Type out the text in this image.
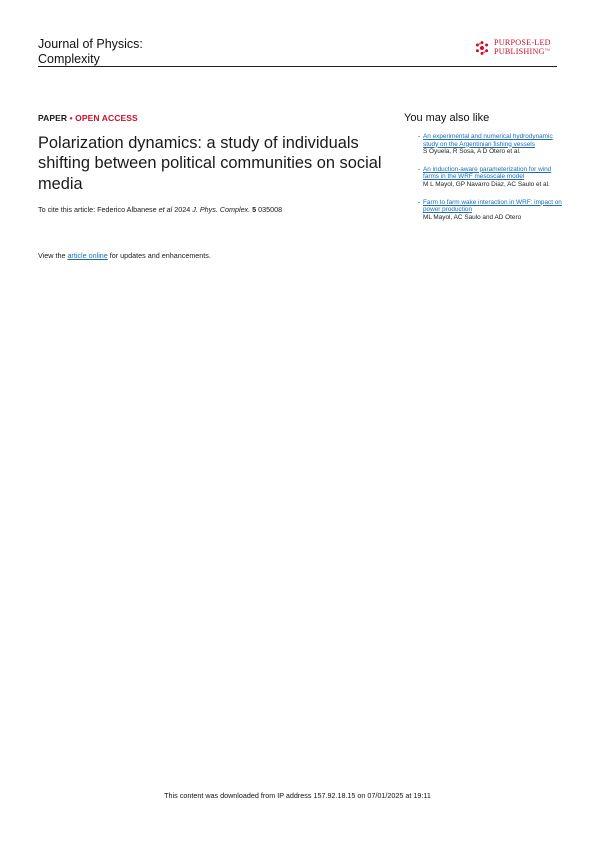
Journal of Physics:
Complexity
PURPOSE-LED
PUBLISHING™
PAPER • OPEN ACCESS
Polarization dynamics: a study of individuals shifting between political communities on social media
To cite this article: Federico Albanese et al 2024 J. Phys. Complex. 5 035008
View the article online for updates and enhancements.
You may also like
- An experimental and numerical hydrodynamic study on the Argentinian fishing vessels
S Oyuela, R Sosa, A D Otero et al.
- An induction-aware parameterization for wind farms in the WRF mesoscale model
M L Mayol, GP Navarro Diaz, AC Saulo et al.
- Farm to farm wake interaction in WRF: impact on power production
ML Mayol, AC Saulo and AD Otero
This content was downloaded from IP address 157.92.18.15 on 07/01/2025 at 19:11
